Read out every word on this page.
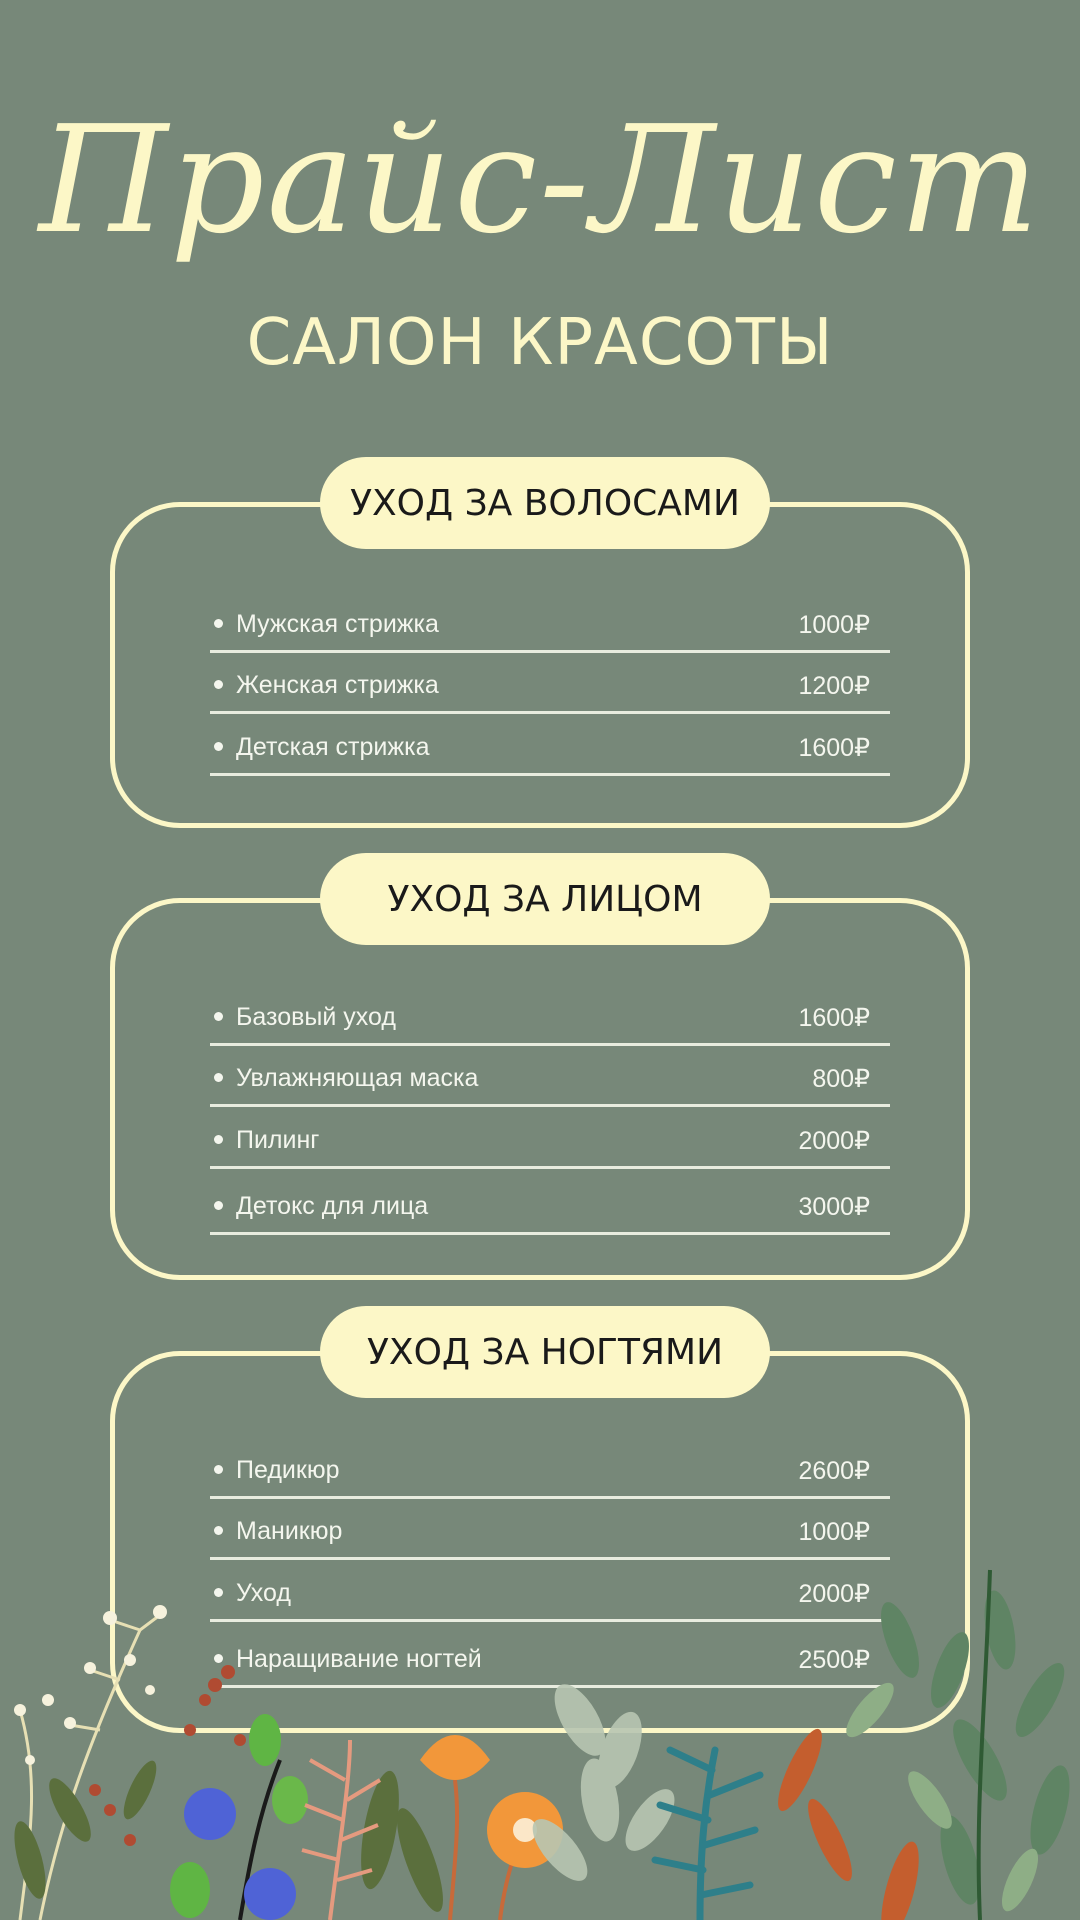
Прайс-Лист
САЛОН КРАСОТЫ
УХОД ЗА ВОЛОСАМИ
Мужская стрижка	1000₽
Женская стрижка	1200₽
Детская стрижка	1600₽
УХОД ЗА ЛИЦОМ
Базовый уход	1600₽
Увлажняющая маска	800₽
Пилинг	2000₽
Детокс для лица	3000₽
УХОД ЗА НОГТЯМИ
Педикюр	2600₽
Маникюр	1000₽
Уход	2000₽
Наращивание ногтей	2500₽
